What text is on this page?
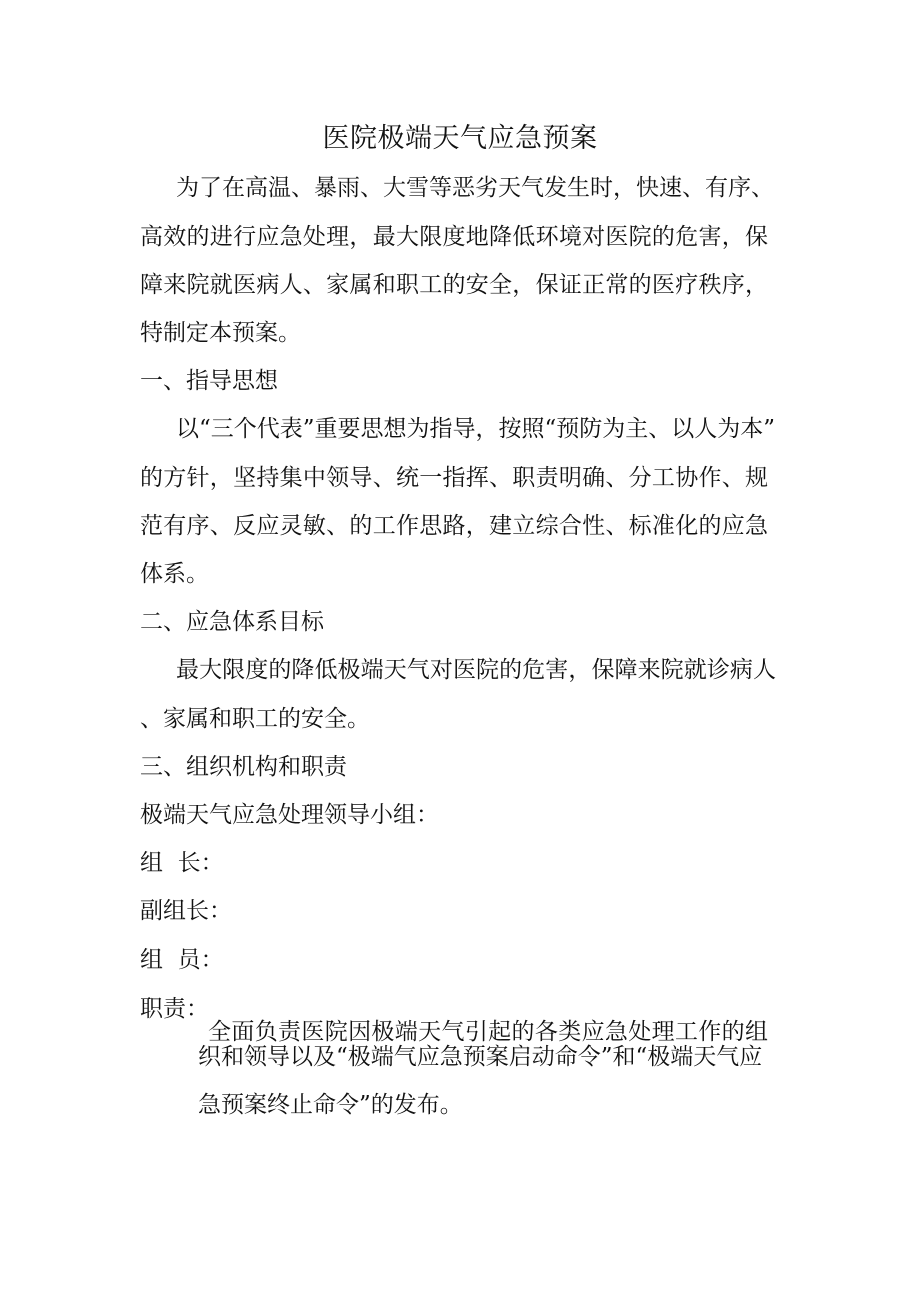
医院极端天气应急预案

为了在高温、暴雨、大雪等恶劣天气发生时，快速、有序、

高效的进行应急处理，最大限度地降低环境对医院的危害，保

障来院就医病人、家属和职工的安全，保证正常的医疗秩序，

特制定本预案。

一、指导思想

以“三个代表”重要思想为指导，按照“预防为主、以人为本”

的方针，坚持集中领导、统一指挥、职责明确、分工协作、规

范有序、反应灵敏、的工作思路，建立综合性、标准化的应急

体系。

二、应急体系目标

最大限度的降低极端天气对医院的危害，保障来院就诊病人

、家属和职工的安全。

三、组织机构和职责

极端天气应急处理领导小组：

组  长：

副组长：

组  员：

职责：

全面负责医院因极端天气引起的各类应急处理工作的组

织和领导以及“极端气应急预案启动命令”和“极端天气应

急预案终止命令”的发布。
